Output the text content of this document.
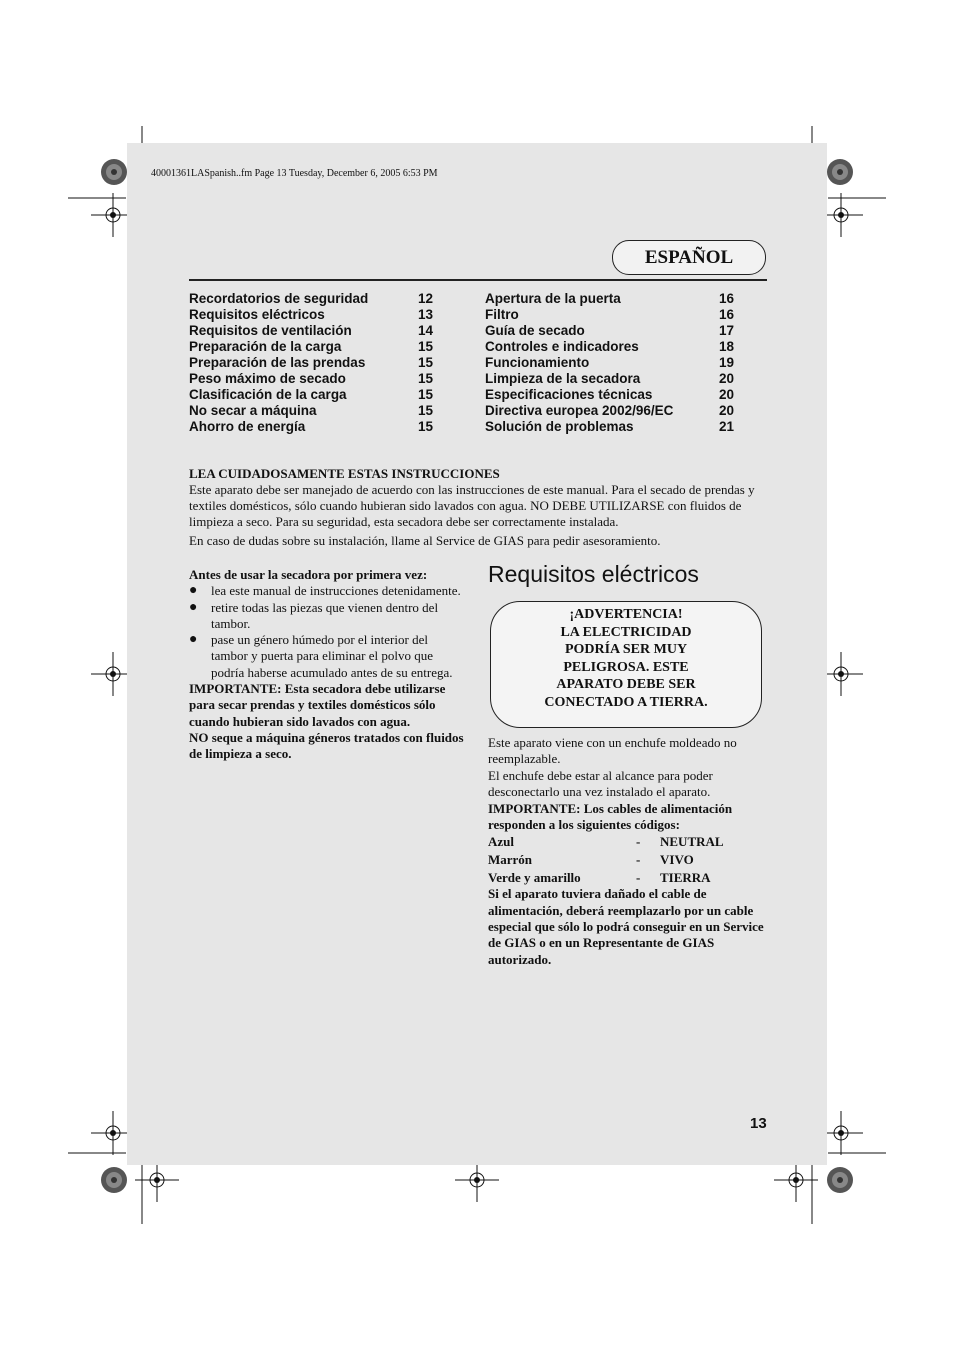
40001361LASpanish..fm Page 13 Tuesday, December 6, 2005 6:53 PM
ESPAÑOL
Recordatorios de seguridad	12
Requisitos eléctricos	13
Requisitos de ventilación	14
Preparación de la carga	15
Preparación de las prendas	15
Peso máximo de secado	15
Clasificación de la carga	15
No secar a máquina	15
Ahorro de energía	15
Apertura de la puerta	16
Filtro	16
Guía de secado	17
Controles e indicadores	18
Funcionamiento	19
Limpieza de la secadora	20
Especificaciones técnicas	20
Directiva europea 2002/96/EC	20
Solución de problemas	21
LEA CUIDADOSAMENTE ESTAS INSTRUCCIONES

Este aparato debe ser manejado de acuerdo con las instrucciones de este manual. Para el secado de prendas y textiles domésticos, sólo cuando hubieran sido lavados con agua. NO DEBE UTILIZARSE con fluidos de limpieza a seco. Para su seguridad, esta secadora debe ser correctamente instalada.

En caso de dudas sobre su instalación, llame al Service de GIAS para pedir asesoramiento.

Antes de usar la secadora por primera vez:
●	lea este manual de instrucciones detenidamente.
●	retire todas las piezas que vienen dentro del tambor.
●	pase un género húmedo por el interior del tambor y puerta para eliminar el polvo que podría haberse acumulado antes de su entrega.
IMPORTANTE: Esta secadora debe utilizarse para secar prendas y textiles domésticos sólo cuando hubieran sido lavados con agua.
NO seque a máquina géneros tratados con fluidos de limpieza a seco.
Requisitos eléctricos
¡ADVERTENCIA!
LA ELECTRICIDAD
PODRÍA SER MUY
PELIGROSA. ESTE
APARATO DEBE SER
CONECTADO A TIERRA.

Este aparato viene con un enchufe moldeado no reemplazable.

El enchufe debe estar al alcance para poder desconectarlo una vez instalado el aparato.

IMPORTANTE: Los cables de alimentación responden a los siguientes códigos:

Azul	-	NEUTRAL
Marrón	-	VIVO
Verde y amarillo	-	TIERRA

Si el aparato tuviera dañado el cable de alimentación, deberá reemplazarlo por un cable especial que sólo lo podrá conseguir en un Service de GIAS o en un Representante de GIAS autorizado.

13
